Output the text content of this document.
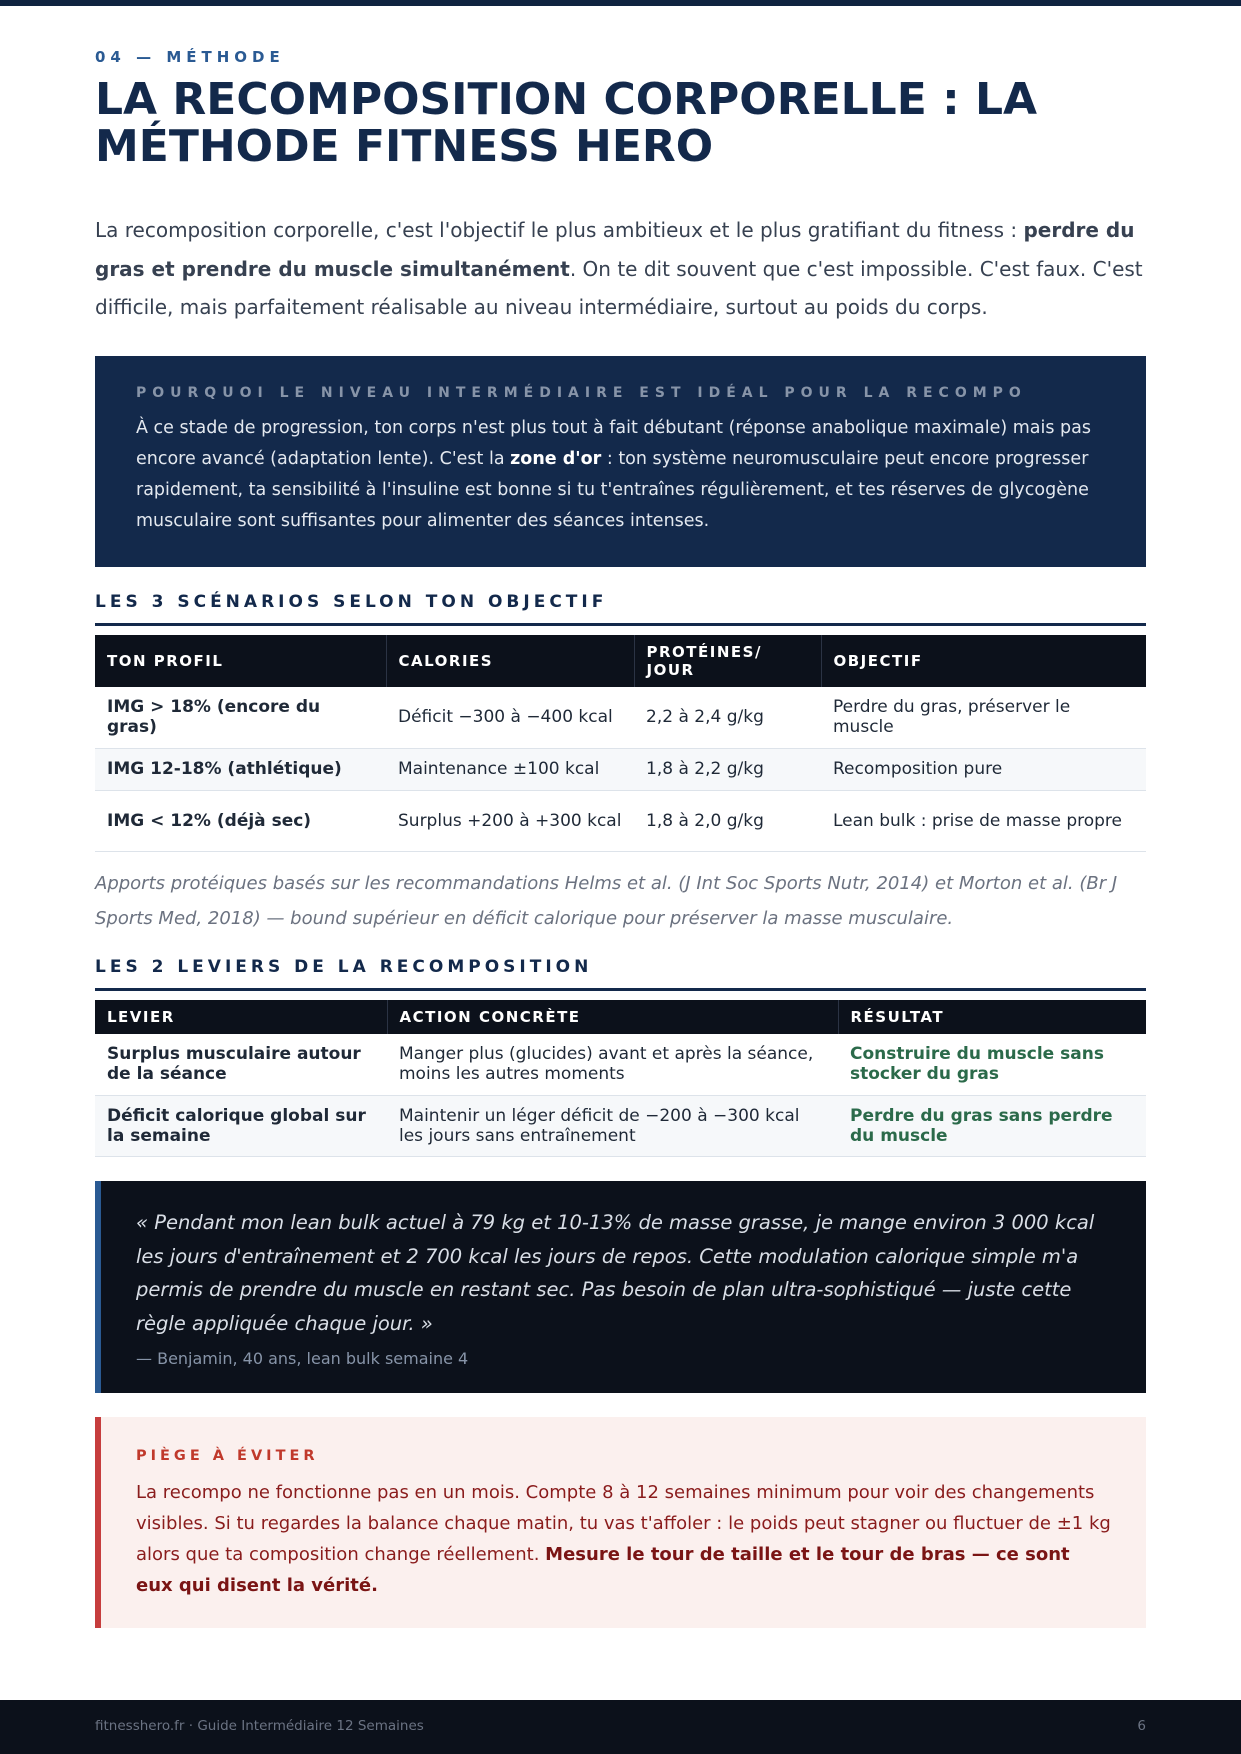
04 — MÉTHODE
LA RECOMPOSITION CORPORELLE : LA MÉTHODE FITNESS HERO

La recomposition corporelle, c'est l'objectif le plus ambitieux et le plus gratifiant du fitness : perdre du gras et prendre du muscle simultanément. On te dit souvent que c'est impossible. C'est faux. C'est difficile, mais parfaitement réalisable au niveau intermédiaire, surtout au poids du corps.

POURQUOI LE NIVEAU INTERMÉDIAIRE EST IDÉAL POUR LA RECOMPO

À ce stade de progression, ton corps n'est plus tout à fait débutant (réponse anabolique maximale) mais pas encore avancé (adaptation lente). C'est la zone d'or : ton système neuromusculaire peut encore progresser rapidement, ta sensibilité à l'insuline est bonne si tu t'entraînes régulièrement, et tes réserves de glycogène musculaire sont suffisantes pour alimenter des séances intenses.

LES 3 SCÉNARIOS SELON TON OBJECTIF
TON PROFIL	CALORIES	PROTÉINES/ JOUR	OBJECTIF
IMG > 18% (encore du gras)	Déficit −300 à −400 kcal	2,2 à 2,4 g/kg	Perdre du gras, préserver le muscle
IMG 12-18% (athlétique)	Maintenance ±100 kcal	1,8 à 2,2 g/kg	Recomposition pure
IMG < 12% (déjà sec)	Surplus +200 à +300 kcal	1,8 à 2,0 g/kg	Lean bulk : prise de masse propre

Apports protéiques basés sur les recommandations Helms et al. (J Int Soc Sports Nutr, 2014) et Morton et al. (Br J Sports Med, 2018) — bound supérieur en déficit calorique pour préserver la masse musculaire.

LES 2 LEVIERS DE LA RECOMPOSITION
LEVIER	ACTION CONCRÈTE	RÉSULTAT
Surplus musculaire autour de la séance	Manger plus (glucides) avant et après la séance, moins les autres moments	Construire du muscle sans stocker du gras
Déficit calorique global sur la semaine	Maintenir un léger déficit de −200 à −300 kcal les jours sans entraînement	Perdre du gras sans perdre du muscle

« Pendant mon lean bulk actuel à 79 kg et 10-13% de masse grasse, je mange environ 3 000 kcal les jours d'entraînement et 2 700 kcal les jours de repos. Cette modulation calorique simple m'a permis de prendre du muscle en restant sec. Pas besoin de plan ultra-sophistiqué — juste cette règle appliquée chaque jour. »

— Benjamin, 40 ans, lean bulk semaine 4
PIÈGE À ÉVITER

La recompo ne fonctionne pas en un mois. Compte 8 à 12 semaines minimum pour voir des changements visibles. Si tu regardes la balance chaque matin, tu vas t'affoler : le poids peut stagner ou fluctuer de ±1 kg alors que ta composition change réellement. Mesure le tour de taille et le tour de bras — ce sont eux qui disent la vérité.

fitnesshero.fr · Guide Intermédiaire 12 Semaines	6
